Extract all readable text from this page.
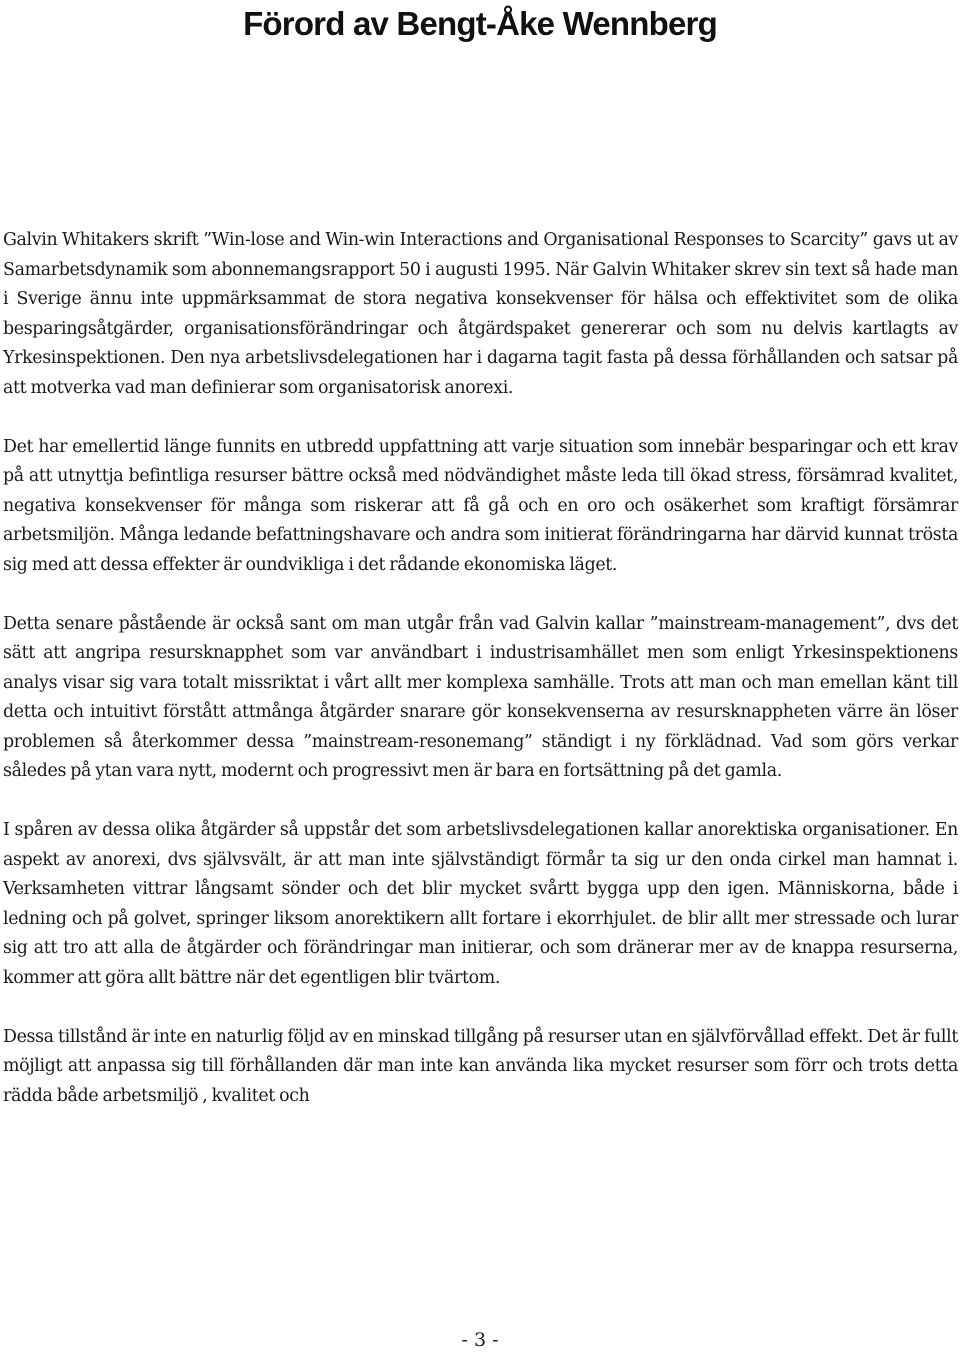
Förord av Bengt-Åke Wennberg

Galvin Whitakers skrift ”Win-lose and Win-win Interactions and Organisational Responses to Scarcity” gavs ut av Samarbetsdynamik som abonnemangsrapport 50 i augusti 1995. När Galvin Whitaker skrev sin text så hade man i Sverige ännu inte uppmärksammat de stora negativa konsekvenser för hälsa och effektivitet som de olika besparingsåtgärder, organisationsförändringar och åtgärdspaket genererar och som nu delvis kartlagts av Yrkesinspektionen. Den nya arbetslivsdelegationen har i dagarna tagit fasta på dessa förhållanden och satsar på att motverka vad man definierar som organisatorisk anorexi.

Det har emellertid länge funnits en utbredd uppfattning att varje situation som innebär besparingar och ett krav på att utnyttja befintliga resurser bättre också med nödvändighet måste leda till ökad stress, försämrad kvalitet, negativa konsekvenser för många som riskerar att få gå och en oro och osäkerhet som kraftigt försämrar arbetsmiljön. Många ledande befattningshavare och andra som initierat förändringarna har därvid kunnat trösta sig med att dessa effekter är oundvikliga i det rådande ekonomiska läget.

Detta senare påstående är också sant om man utgår från vad Galvin kallar ”mainstream-management”, dvs det sätt att angripa resursknapphet som var användbart i industrisamhället men som enligt Yrkesinspektionens analys visar sig vara totalt missriktat i vårt allt mer komplexa samhälle. Trots att man och man emellan känt till detta och intuitivt förstått attmånga åtgärder snarare gör konsekvenserna av resursknappheten värre än löser problemen så återkommer dessa ”mainstream-resonemang” ständigt i ny förklädnad. Vad som görs verkar således på ytan vara nytt, modernt och progressivt men är bara en fortsättning på det gamla.

I spåren av dessa olika åtgärder så uppstår det som arbetslivsdelegationen kallar anorektiska organisationer. En aspekt av anorexi, dvs självsvält, är att man inte självständigt förmår ta sig ur den onda cirkel man hamnat i. Verksamheten vittrar långsamt sönder och det blir mycket svårtt bygga upp den igen. Människorna, både i ledning och på golvet, springer liksom anorektikern allt fortare i ekorrhjulet. de blir allt mer stressade och lurar sig att tro att alla de åtgärder och förändringar man initierar, och som dränerar mer av de knappa resurserna, kommer att göra allt bättre när det egentligen blir tvärtom.

Dessa tillstånd är inte en naturlig följd av en minskad tillgång på resurser utan en självförvållad effekt. Det är fullt möjligt att anpassa sig till förhållanden där man inte kan använda lika mycket resurser som förr och trots detta rädda både arbetsmiljö , kvalitet och

- 3 -
